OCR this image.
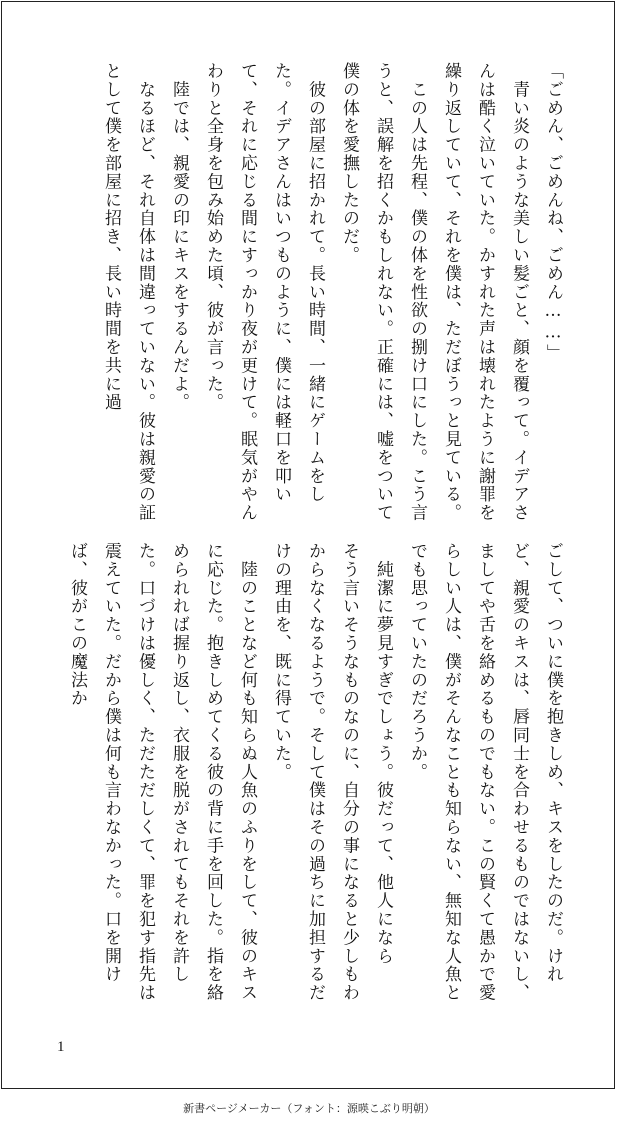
「ごめん、ごめんね、ごめん……」

　青い炎のような美しい髪ごと、顔を覆って。イデアさんは酷く泣いていた。かすれた声は壊れたように謝罪を繰り返していて、それを僕は、ただぼうっと見ている。

　この人は先程、僕の体を性欲の捌け口にした。こう言うと、誤解を招くかもしれない。正確には、嘘をついて僕の体を愛撫したのだ。

　彼の部屋に招かれて。長い時間、一緒にゲームをした。イデアさんはいつものように、僕には軽口を叩いて、それに応じる間にすっかり夜が更けて。眠気がやんわりと全身を包み始めた頃、彼が言った。

　陸では、親愛の印にキスをするんだよ。

　なるほど、それ自体は間違っていない。彼は親愛の証として僕を部屋に招き、長い時間を共に過

ごして、ついに僕を抱きしめ、キスをしたのだ。けれど、親愛のキスは、唇同士を合わせるものではないし、ましてや舌を絡めるものでもない。この賢くて愚かで愛らしい人は、僕がそんなことも知らない、無知な人魚とでも思っていたのだろうか。

　純潔に夢見すぎでしょう。彼だって、他人になら そう言いそうなものなのに、自分の事になると少しもわからなくなるようで。そして僕はその過ちに加担するだけの理由を、既に得ていた。

　陸のことなど何も知らぬ人魚のふりをして、彼のキスに応じた。抱きしめてくる彼の背に手を回した。指を絡められれば握り返し、衣服を脱がされてもそれを許した。口づけは優しく、ただただしくて、罪を犯す指先は震えていた。だから僕は何も言わなかった。口を開けば、彼がこの魔法か

1
新書ページメーカー（フォント：源暎こぶり明朝）
